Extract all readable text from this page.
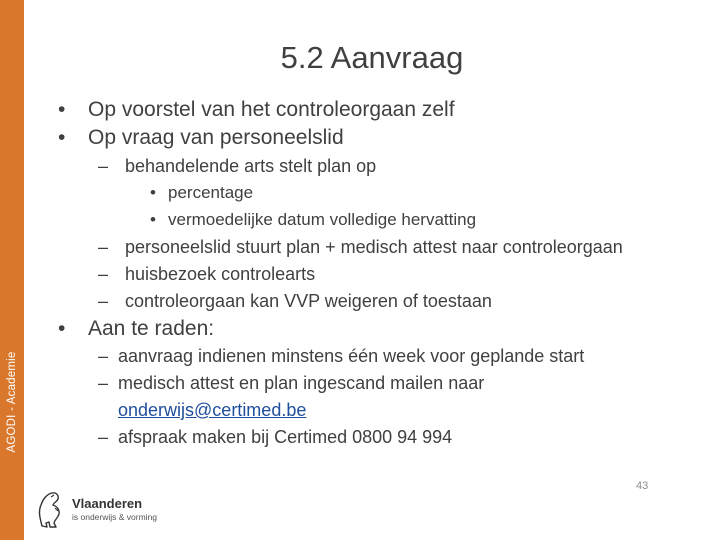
AGODI - Academie
5.2 Aanvraag
• Op voorstel van het controleorgaan zelf
• Op vraag van personeelslid
– behandelende arts stelt plan op
• percentage
• vermoedelijke datum volledige hervatting
– personeelslid stuurt plan + medisch attest naar controleorgaan
– huisbezoek controlearts
– controleorgaan kan VVP weigeren of toestaan
• Aan te raden:
– aanvraag indienen minstens één week voor geplande start
– medisch attest en plan ingescand mailen naar
onderwijs@certimed.be
– afspraak maken bij Certimed 0800 94 994
Vlaanderen
is onderwijs & vorming
43
